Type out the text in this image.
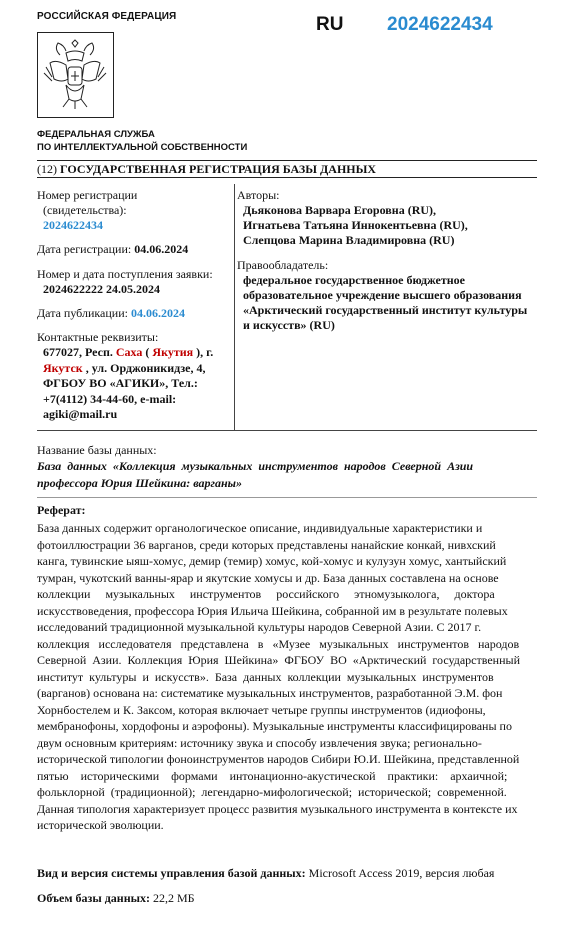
РОССИЙСКАЯ ФЕДЕРАЦИЯ	RU 2024622434
ФЕДЕРАЛЬНАЯ СЛУЖБА
ПО ИНТЕЛЛЕКТУАЛЬНОЙ СОБСТВЕННОСТИ
(12) ГОСУДАРСТВЕННАЯ РЕГИСТРАЦИЯ БАЗЫ ДАННЫХ
Номер регистрации
(свидетельства):
2024622434
Дата регистрации: 04.06.2024
Номер и дата поступления заявки:
2024622222 24.05.2024
Дата публикации: 04.06.2024
Контактные реквизиты:
677027, Респ. Саха ( Якутия ), г.
Якутск , ул. Орджоникидзе, 4,
ФГБОУ ВО «АГИКИ», Тел.:
+7(4112) 34-44-60, e-mail:
agiki@mail.ru
Авторы:
Дьяконова Варвара Егоровна (RU),
Игнатьева Татьяна Иннокентьевна (RU),
Слепцова Марина Владимировна (RU)
Правообладатель:
федеральное государственное бюджетное
образовательное учреждение высшего образования
«Арктический государственный институт культуры
и искусств» (RU)
Название базы данных:
База  данных  «Коллекция  музыкальных  инструментов  народов  Северной  Азии
профессора Юрия Шейкина: варганы»
Реферат:
База данных содержит органологическое описание, индивидуальные характеристики и
фотоиллюстрации 36 варганов, среди которых представлены нанайские конкай, нивхский
канга, тувинские ыяш-хомус, демир (темир) хомус, кой-хомус и кулузун хомус, хантыйский
тумран, чукотский ванны-ярар и якутские хомусы и др. База данных составлена на основе
коллекции     музыкальных     инструментов     российского     этномузыколога,     доктора
искусствоведения, профессора Юрия Ильича Шейкина, собранной им в результате полевых
исследований традиционной музыкальной культуры народов Северной Азии. С 2017 г.
коллекция   исследователя   представлена   в   «Музее   музыкальных   инструментов   народов
Северной  Азии.  Коллекция  Юрия  Шейкина»  ФГБОУ  ВО  «Арктический  государственный
институт  культуры  и  искусств».  База  данных  коллекции  музыкальных  инструментов
(варганов) основана на: систематике музыкальных инструментов, разработанной Э.М. фон
Хорнбостелем и К. Заксом, которая включает четыре группы инструментов (идиофоны,
мембранофоны, хордофоны и аэрофоны). Музыкальные инструменты классифицированы по
двум основным критериям: источнику звука и способу извлечения звука; регионально-
исторической типологии фоноинструментов народов Сибири Ю.И. Шейкина, представленной
пятью    историческими    формами    интонационно-акустической    практики:    архаичной;
фольклорной  (традиционной);  легендарно-мифологической;  исторической;  современной.
Данная типология характеризует процесс развития музыкального инструмента в контексте их
исторической эволюции.
Вид и версия системы управления базой данных: Microsoft Access 2019, версия любая
Объем базы данных: 22,2 МБ
